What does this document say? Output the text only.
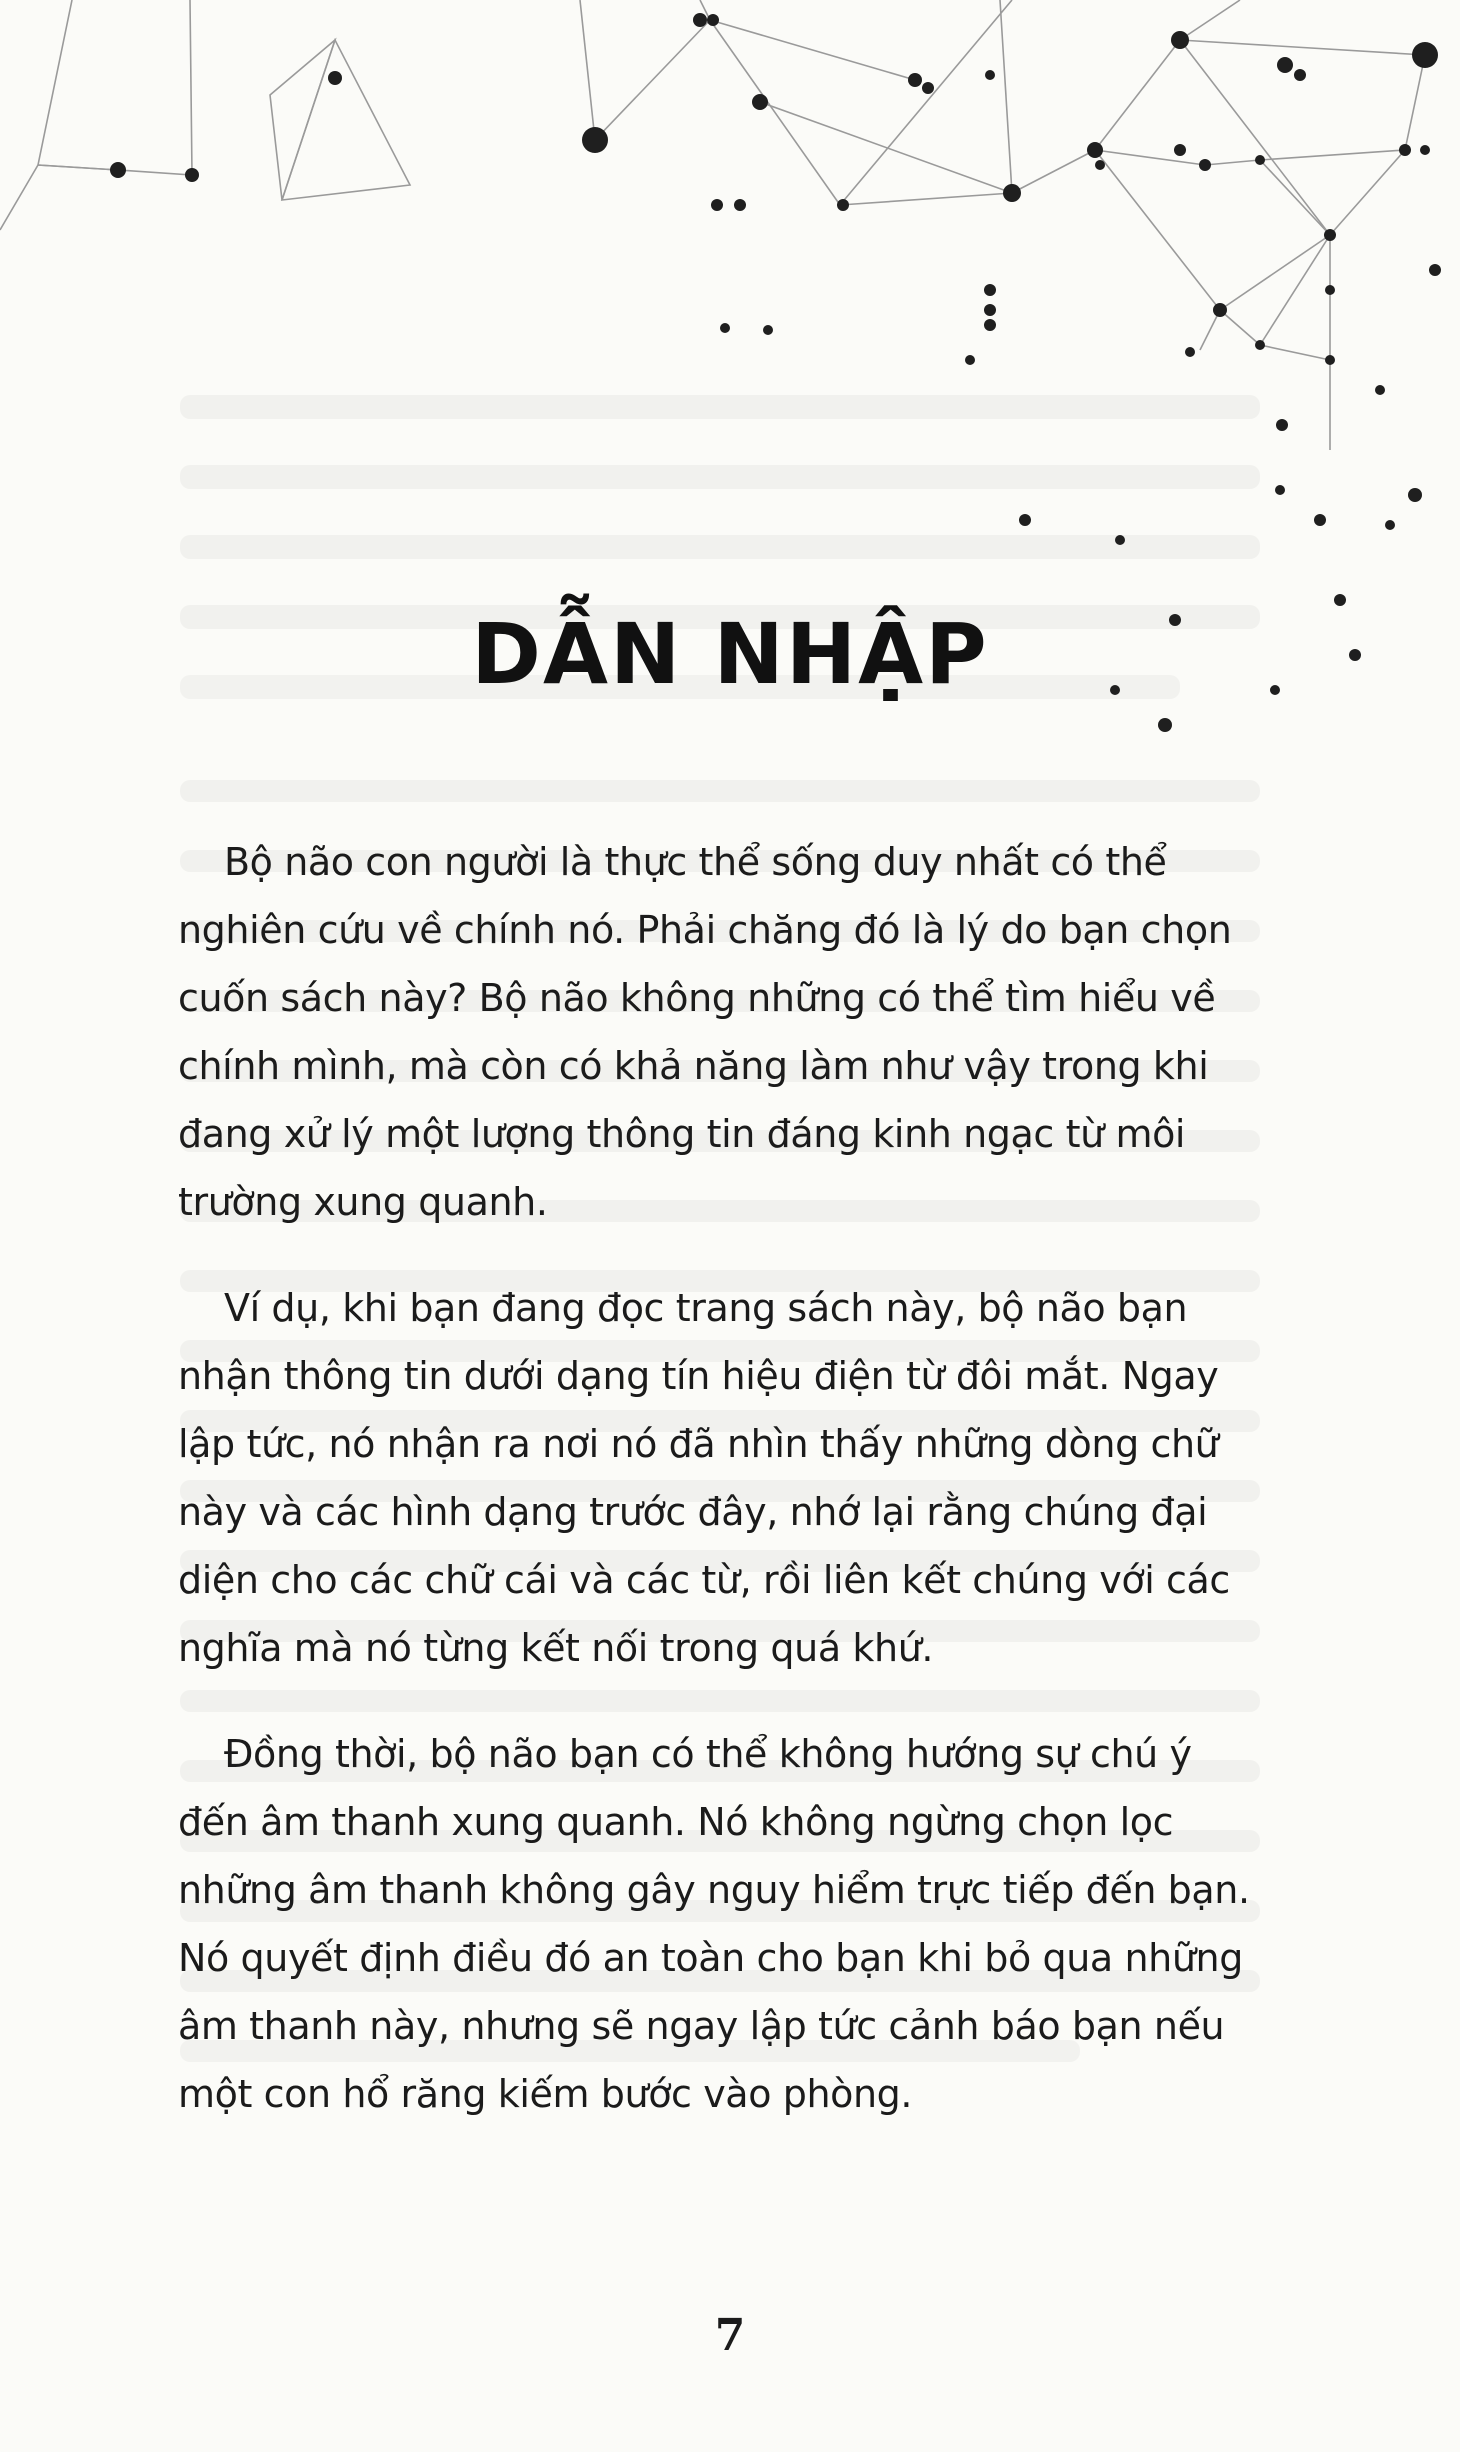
DẪN NHẬP

Bộ não con người là thực thể sống duy nhất có thể nghiên cứu về chính nó. Phải chăng đó là lý do bạn chọn cuốn sách này? Bộ não không những có thể tìm hiểu về chính mình, mà còn có khả năng làm như vậy trong khi đang xử lý một lượng thông tin đáng kinh ngạc từ môi trường xung quanh.

Ví dụ, khi bạn đang đọc trang sách này, bộ não bạn nhận thông tin dưới dạng tín hiệu điện từ đôi mắt. Ngay lập tức, nó nhận ra nơi nó đã nhìn thấy những dòng chữ này và các hình dạng trước đây, nhớ lại rằng chúng đại diện cho các chữ cái và các từ, rồi liên kết chúng với các nghĩa mà nó từng kết nối trong quá khứ.

Đồng thời, bộ não bạn có thể không hướng sự chú ý đến âm thanh xung quanh. Nó không ngừng chọn lọc những âm thanh không gây nguy hiểm trực tiếp đến bạn. Nó quyết định điều đó an toàn cho bạn khi bỏ qua những âm thanh này, nhưng sẽ ngay lập tức cảnh báo bạn nếu một con hổ răng kiếm bước vào phòng.

7
